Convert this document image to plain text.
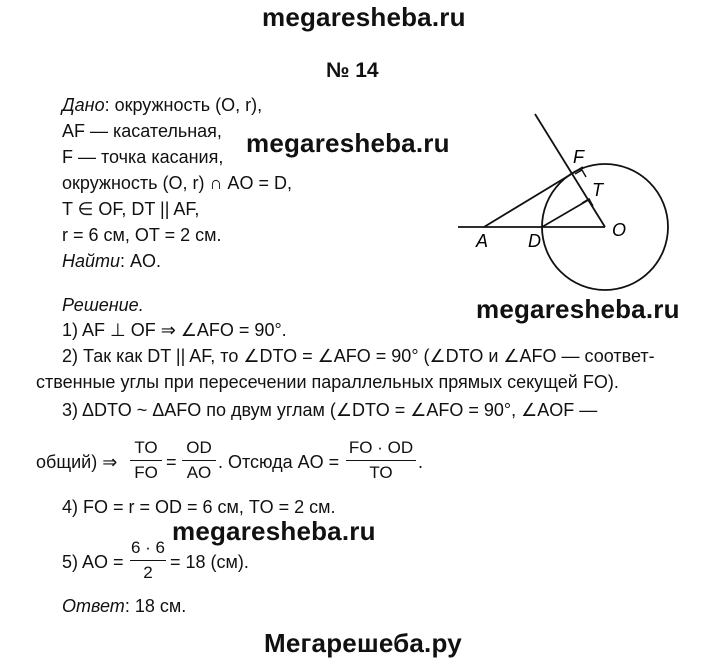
megaresheba.ru
№ 14
Дано: окружность (O, r),
AF — касательная,
F — точка касания,
окружность (O, r) ∩ AO = D,
T ∈ OF, DT || AF,
r = 6 см, OT = 2 см.
Найти: AO.
megaresheba.ru	F
T
O
A D
megaresheba.ru
Решение.
1) AF ⊥ OF ⇒ ∠AFO = 90°.
2) Так как DT || AF, то ∠DTO = ∠AFO = 90° (∠DTO и ∠AFO — соответ-
ственные углы при пересечении параллельных прямых секущей FO).
3) ΔDTO ~ ΔAFO по двум углам (∠DTO = ∠AFO = 90°, ∠AOF —
общий) ⇒
TO
FO
=
OD
AO
. Отсюда AO =
FO · OD
TO
.
4) FO = r = OD = 6 см, TO = 2 см.
megaresheba.ru
5) AO =
6 · 6
2
= 18 (см).
Ответ: 18 см.
Мегарешеба.ру
